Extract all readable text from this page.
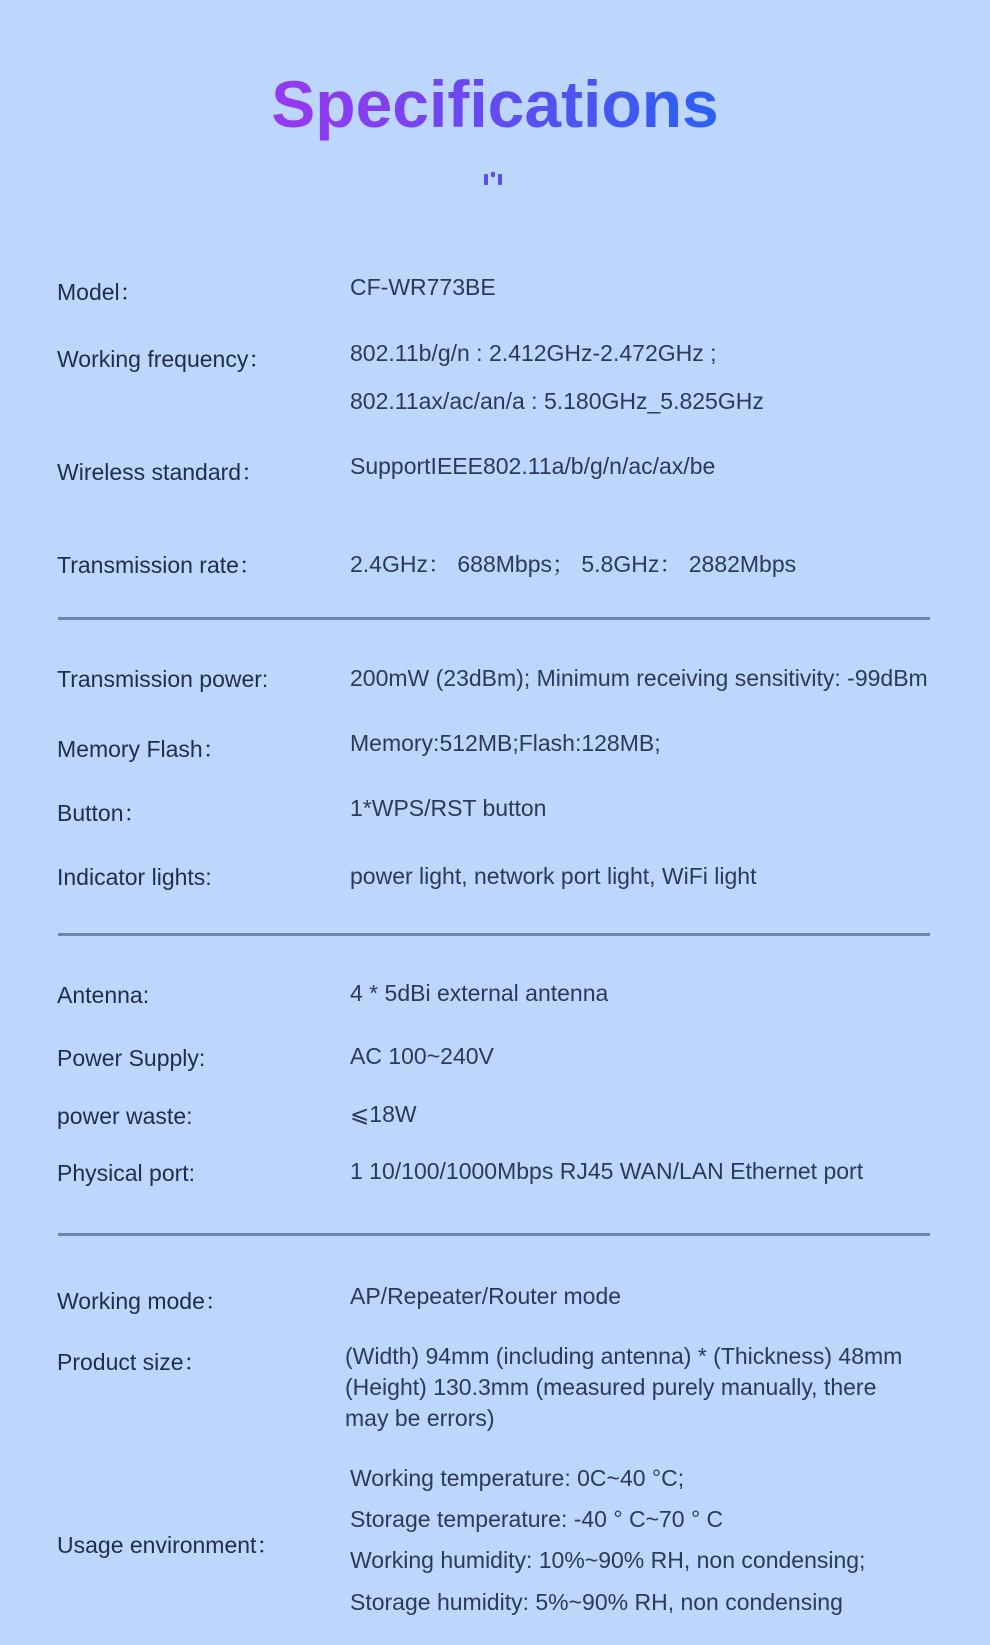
Specifications
Model：	CF-WR773BE
Working frequency：	802.11b/g/n : 2.412GHz-2.472GHz ;
802.11ax/ac/an/a : 5.180GHz_5.825GHz
Wireless standard：	SupportIEEE802.11a/b/g/n/ac/ax/be
Transmission rate：	2.4GHz： 688Mbps； 5.8GHz： 2882Mbps
Transmission power:	200mW (23dBm); Minimum receiving sensitivity: -99dBm
Memory Flash：	Memory:512MB;Flash:128MB;
Button：	1*WPS/RST button
Indicator lights:	power light, network port light, WiFi light
Antenna:	4 * 5dBi external antenna
Power Supply:	AC 100~240V
power waste:	⩽18W
Physical port:	1 10/100/1000Mbps RJ45 WAN/LAN Ethernet port
Working mode：	AP/Repeater/Router mode
Product size：	(Width) 94mm (including antenna) * (Thickness) 48mm (Height) 130.3mm (measured purely manually, there may be errors)
Usage environment：
Working temperature: 0C~40 °C;
Storage temperature: -40 ° C~70 ° C
Working humidity: 10%~90% RH, non condensing;
Storage humidity: 5%~90% RH, non condensing
